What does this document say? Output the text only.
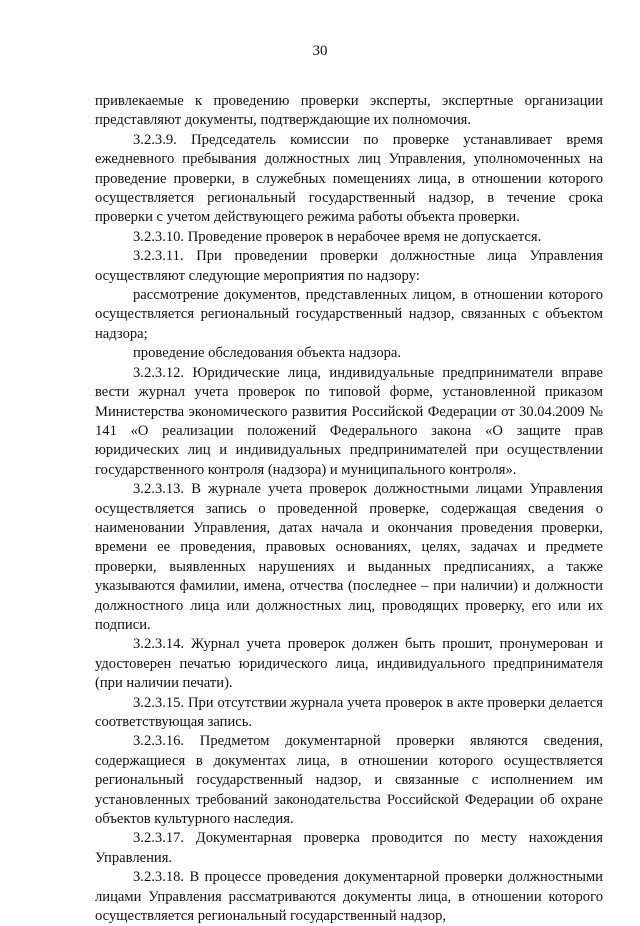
30

привлекаемые к проведению проверки эксперты, экспертные организации представляют документы, подтверждающие их полномочия.

3.2.3.9. Председатель комиссии по проверке устанавливает время ежедневного пребывания должностных лиц Управления, уполномоченных на проведение проверки, в служебных помещениях лица, в отношении которого осуществляется региональный государственный надзор, в течение срока проверки с учетом действующего режима работы объекта проверки.

3.2.3.10. Проведение проверок в нерабочее время не допускается.

3.2.3.11. При проведении проверки должностные лица Управления осуществляют следующие мероприятия по надзору:

рассмотрение документов, представленных лицом, в отношении которого осуществляется региональный государственный надзор, связанных с объектом надзора;

проведение обследования объекта надзора.

3.2.3.12. Юридические лица, индивидуальные предприниматели вправе вести журнал учета проверок по типовой форме, установленной приказом Министерства экономического развития Российской Федерации от 30.04.2009 № 141 «О реализации положений Федерального закона «О защите прав юридических лиц и индивидуальных предпринимателей при осуществлении государственного контроля (надзора) и муниципального контроля».

3.2.3.13. В журнале учета проверок должностными лицами Управления осуществляется запись о проведенной проверке, содержащая сведения о наименовании Управления, датах начала и окончания проведения проверки, времени ее проведения, правовых основаниях, целях, задачах и предмете проверки, выявленных нарушениях и выданных предписаниях, а также указываются фамилии, имена, отчества (последнее – при наличии) и должности должностного лица или должностных лиц, проводящих проверку, его или их подписи.

3.2.3.14. Журнал учета проверок должен быть прошит, пронумерован и удостоверен печатью юридического лица, индивидуального предпринимателя (при наличии печати).

3.2.3.15. При отсутствии журнала учета проверок в акте проверки делается соответствующая запись.

3.2.3.16. Предметом документарной проверки являются сведения, содержащиеся в документах лица, в отношении которого осуществляется региональный государственный надзор, и связанные с исполнением им установленных требований законодательства Российской Федерации об охране объектов культурного наследия.

3.2.3.17. Документарная проверка проводится по месту нахождения Управления.

3.2.3.18. В процессе проведения документарной проверки должностными лицами Управления рассматриваются документы лица, в отношении которого осуществляется региональный государственный надзор,
